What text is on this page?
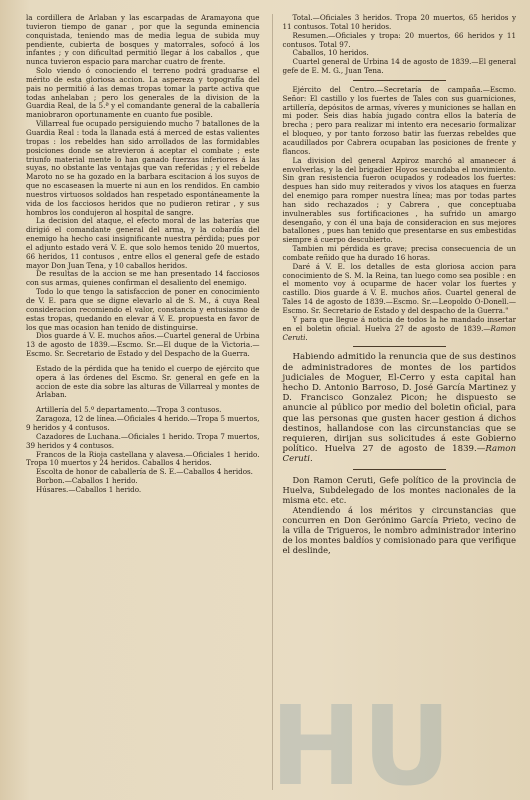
la cordillera de Arlaban y las escarpadas de Aramayona que tuvieron tiempo de ganar , por que la segunda eminencia conquistada, teniendo mas de media legua de subida muy pendiente, cubierta de bosques y matorrales, sofocó á los infantes ; y con dificultad permitió llegar á los caballos , que nunca tuvieron espacio para marchar cuatro de frente.

Solo viendo ó conociendo el terreno podrá graduarse el mérito de esta gloriosa accion. La aspereza y topografía del pais no permitió á las demas tropas tomar la parte activa que todas anhelaban ; pero los generales de la division de la Guardia Real, de la 5.ª y el comandante general de la caballería maniobraron oportunamente en cuanto fue posible.

Villarreal fue ocupado persiguiendo mucho 7 batallones de la Guardia Real : toda la llanada está á merced de estas valientes tropas : los rebeldes han sido arrollados de las formidables posiciones donde se atrevieron á aceptar el combate ; este triunfo material mente lo han ganado fuerzas inferiores á las suyas, no obstante las ventajas que van referidas ; y el rebelde Maroto no se ha gozado en la barbara escitacion á los suyos de que no escaseasen la muerte ni aun en los rendidos. En cambio nuestros virtuosos soldados han respetado espontáneamente la vida de los facciosos heridos que no pudieron retirar , y sus hombros los condujeron al hospital de sangre.

La decision del ataque, el efecto moral de las baterías que dirigió el comandante general del arma, y la cobardía del enemigo ha hecho casi insignificante nuestra pérdida; pues por el adjunto estado verá V. E. que solo hemos tenido 20 muertos, 66 heridos, 11 contusos , entre ellos el general gefe de estado mayor Don Juan Tena, y 10 caballos heridos.

De resultas de la accion se me han presentado 14 facciosos con sus armas, quienes confirman el desaliento del enemigo.

Todo lo que tengo la satisfaccion de poner en conocimiento de V. E. para que se digne elevarlo al de S. M., á cuya Real consideracion recomiendo el valor, constancia y entusiasmo de estas tropas, quedando en elevar á V. E. propuesta en favor de los que mas ocasion han tenido de distinguirse.

Dios guarde á V. E. muchos años.—Cuartel general de Urbina 13 de agosto de 1839.—Escmo. Sr.—El duque de la Victoria.—Escmo. Sr. Secretario de Estado y del Despacho de la Guerra.

Estado de la pérdida que ha tenido el cuerpo de ejército que opera á las órdenes del Escmo. Sr. general en gefe en la accion de este dia sobre las alturas de Villarreal y montes de Arlaban.

Artillería del 5.º departamento.—Tropa 3 contusos.

Zaragoza, 12 de línea.—Oficiales 4 herido.—Tropa 5 muertos, 9 heridos y 4 contusos.

Cazadores de Luchana.—Oficiales 1 herido. Tropa 7 muertos, 39 heridos y 4 contusos.

Francos de la Rioja castellana y alavesa.—Oficiales 1 herido. Tropa 10 muertos y 24 heridos. Caballos 4 heridos.

Escolta de honor de caballería de S. E.—Caballos 4 heridos.

Borbon.—Caballos 1 herido.

Húsares.—Caballos 1 herido.

Total.—Oficiales 3 heridos. Tropa 20 muertos, 65 heridos y 11 contusos. Total 10 heridos.

Resumen.—Oficiales y tropa: 20 muertos, 66 heridos y 11 contusos. Total 97.

Caballos, 10 heridos.

Cuartel general de Urbina 14 de agosto de 1839.—El general gefe de E. M. G., Juan Tena.

Ejército del Centro.—Secretaría de campaña.—Escmo. Señor: El castillo y los fuertes de Tales con sus guarniciones, artillería, depósitos de armas, víveres y municiones se hallan en mi poder. Seis dias había jugado contra ellos la batería de brecha ; pero para realizar mi intento era necesario formalizar el bloqueo, y por tanto forzoso batir las fuerzas rebeldes que acaudillados por Cabrera ocupaban las posiciones de frente y flancos.

La division del general Azpiroz marchó al amanecer á envolverlas, y la del brigadier Hoyos secundaba el movimiento. Sin gran resistencia fueron ocupados y rodeados los fuertes: despues han sido muy reiterados y vivos los ataques en fuerza del enemigo para romper nuestra línea; mas por todas partes han sido rechazados ; y Cabrera , que conceptuaba invulnerables sus fortificaciones , ha sufrido un amargo desengaño, y con él una baja de consideracion en sus mejores batallones , pues han tenido que presentarse en sus embestidas siempre á cuerpo descubierto.

Tambien mi pérdida es grave; precisa consecuencia de un combate reñido que ha durado 16 horas.

Daré á V. E. los detalles de esta gloriosa accion para conocimiento de S. M. la Reina, tan luego como sea posible : en el momento voy á ocuparme de hacer volar los fuertes y castillo. Dios guarde á V. E. muchos años. Cuartel general de Tales 14 de agosto de 1839.—Escmo. Sr.—Leopoldo O-Donell.—Escmo. Sr. Secretario de Estado y del despacho de la Guerra."

Y para que llegue á noticia de todos la he mandado insertar en el boletin oficial. Huelva 27 de agosto de 1839.—Ramon Ceruti.

Habiendo admitido la renuncia que de sus destinos de administradores de montes de los partidos judiciales de Moguer, El-Cerro y esta capital han hecho D. Antonio Barroso, D. José García Martinez y D. Francisco Gonzalez Picon; he dispuesto se anuncie al público por medio del boletin oficial, para que las personas que gusten hacer gestion á dichos destinos, hallandose con las circunstancias que se requieren, dirijan sus solicitudes á este Gobierno político. Huelva 27 de agosto de 1839.—Ramon Ceruti.

Don Ramon Ceruti, Gefe político de la provincia de Huelva, Subdelegado de los montes nacionales de la misma etc. etc.

Atendiendo á los méritos y circunstancias que concurren en Don Gerónimo García Prieto, vecino de la villa de Trigueros, le nombro administrador interino de los montes baldíos y comisionado para que verifique el deslinde,

HU
